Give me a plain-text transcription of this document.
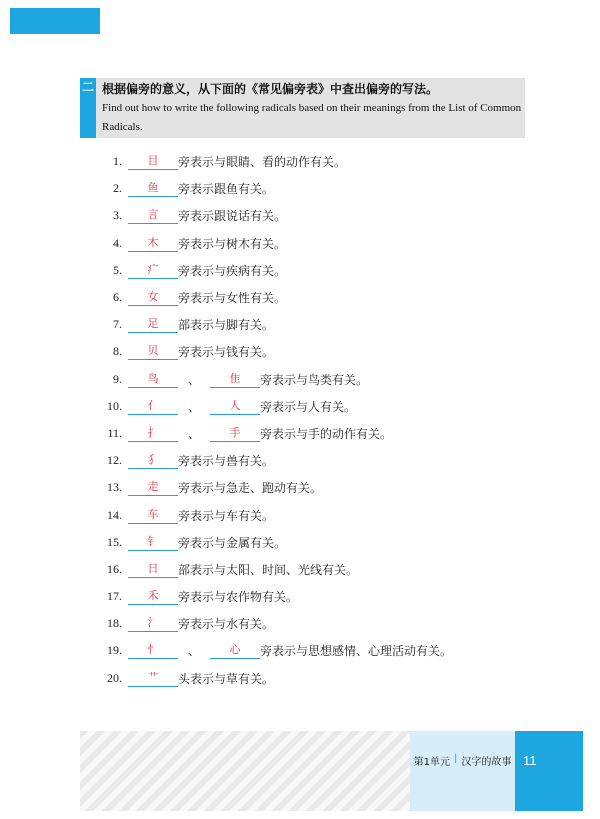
二 根据偏旁的意义，从下面的《常见偏旁表》中查出偏旁的写法。
Find out how to write the following radicals based on their meanings from the List of Common Radicals.
1.	目	旁表示与眼睛、看的动作有关。
2.	鱼	旁表示跟鱼有关。
3.	言	旁表示跟说话有关。
4.	木	旁表示与树木有关。
5.	疒	旁表示与疾病有关。
6.	女	旁表示与女性有关。
7.	足	部表示与脚有关。
8.	贝	旁表示与钱有关。
9.	鸟	、	隹	旁表示与鸟类有关。
10.	亻	、	人	旁表示与人有关。
11.	扌	、	手	旁表示与手的动作有关。
12.	犭	旁表示与兽有关。
13.	走	旁表示与急走、跑动有关。
14.	车	旁表示与车有关。
15.	钅	旁表示与金属有关。
16.	日	部表示与太阳、时间、光线有关。
17.	禾	旁表示与农作物有关。
18.	氵	旁表示与水有关。
19.	忄	、	心	旁表示与思想感情、心理活动有关。
20.	艹	头表示与草有关。
第1单元 | 汉字的故事 11
